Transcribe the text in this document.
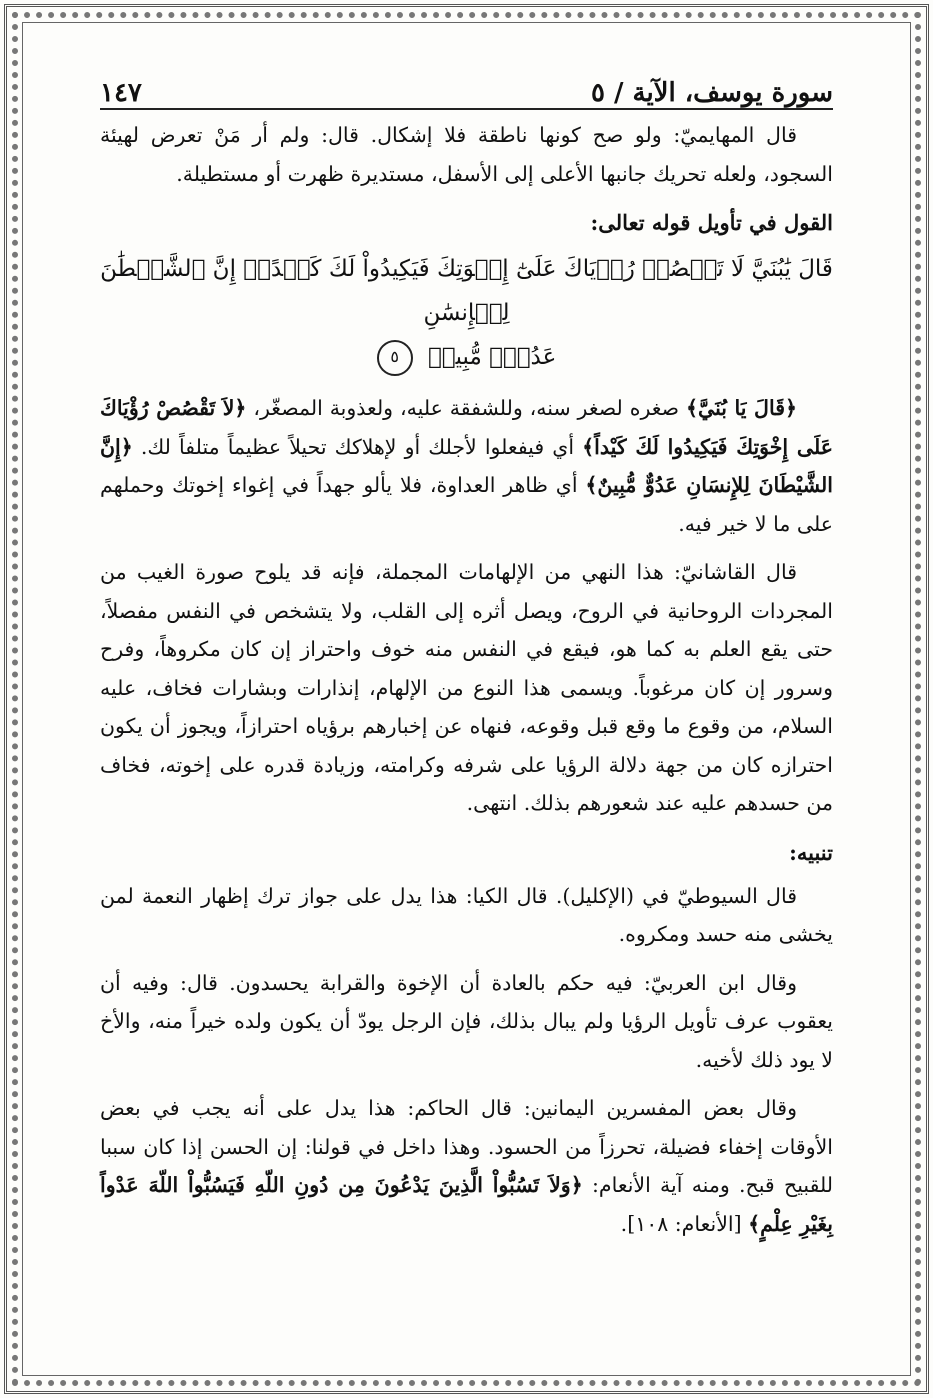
سورة يوسف، الآية / ٥
١٤٧

قال المهايميّ: ولو صح كونها ناطقة فلا إشكال. قال: ولم أر مَنْ تعرض لهيئة السجود، ولعله تحريك جانبها الأعلى إلى الأسفل، مستديرة ظهرت أو مستطيلة.

القول في تأويل قوله تعالى:
قَالَ يَٰبُنَيَّ لَا تَقۡصُصۡ رُءۡيَاكَ عَلَىٰٓ إِخۡوَتِكَ فَيَكِيدُواْ لَكَ كَيۡدًاۖ إِنَّ ٱلشَّيۡطَٰنَ لِلۡإِنسَٰنِ
عَدُوّٞ مُّبِينٞ ٥

﴿قَالَ يَا بُنَيَّ﴾ صغره لصغر سنه، وللشفقة عليه، ولعذوبة المصغّر، ﴿لاَ تَقْصُصْ رُؤْيَاكَ عَلَى إِخْوَتِكَ فَيَكِيدُوا لَكَ كَيْداً﴾ أي فيفعلوا لأجلك أو لإهلاكك تحيلاً عظيماً متلفاً لك. ﴿إِنَّ الشَّيْطَانَ لِلإِنسَانِ عَدُوٌّ مُّبِينٌ﴾ أي ظاهر العداوة، فلا يألو جهداً في إغواء إخوتك وحملهم على ما لا خير فيه.

قال القاشانيّ: هذا النهي من الإلهامات المجملة، فإنه قد يلوح صورة الغيب من المجردات الروحانية في الروح، ويصل أثره إلى القلب، ولا يتشخص في النفس مفصلاً، حتى يقع العلم به كما هو، فيقع في النفس منه خوف واحتراز إن كان مكروهاً، وفرح وسرور إن كان مرغوباً. ويسمى هذا النوع من الإلهام، إنذارات وبشارات فخاف، عليه السلام، من وقوع ما وقع قبل وقوعه، فنهاه عن إخبارهم برؤياه احترازاً، ويجوز أن يكون احترازه كان من جهة دلالة الرؤيا على شرفه وكرامته، وزيادة قدره على إخوته، فخاف من حسدهم عليه عند شعورهم بذلك. انتهى.

تنبيه:

قال السيوطيّ في (الإكليل). قال الكيا: هذا يدل على جواز ترك إظهار النعمة لمن يخشى منه حسد ومكروه.

وقال ابن العربيّ: فيه حكم بالعادة أن الإخوة والقرابة يحسدون. قال: وفيه أن يعقوب عرف تأويل الرؤيا ولم يبال بذلك، فإن الرجل يودّ أن يكون ولده خيراً منه، والأخ لا يود ذلك لأخيه.

وقال بعض المفسرين اليمانين: قال الحاكم: هذا يدل على أنه يجب في بعض الأوقات إخفاء فضيلة، تحرزاً من الحسود. وهذا داخل في قولنا: إن الحسن إذا كان سببا للقبيح قبح. ومنه آية الأنعام: ﴿وَلاَ تَسُبُّواْ الَّذِينَ يَدْعُونَ مِن دُونِ اللّهِ فَيَسُبُّواْ اللّهَ عَدْواً بِغَيْرِ عِلْمٍ﴾ [الأنعام: ١٠٨].
